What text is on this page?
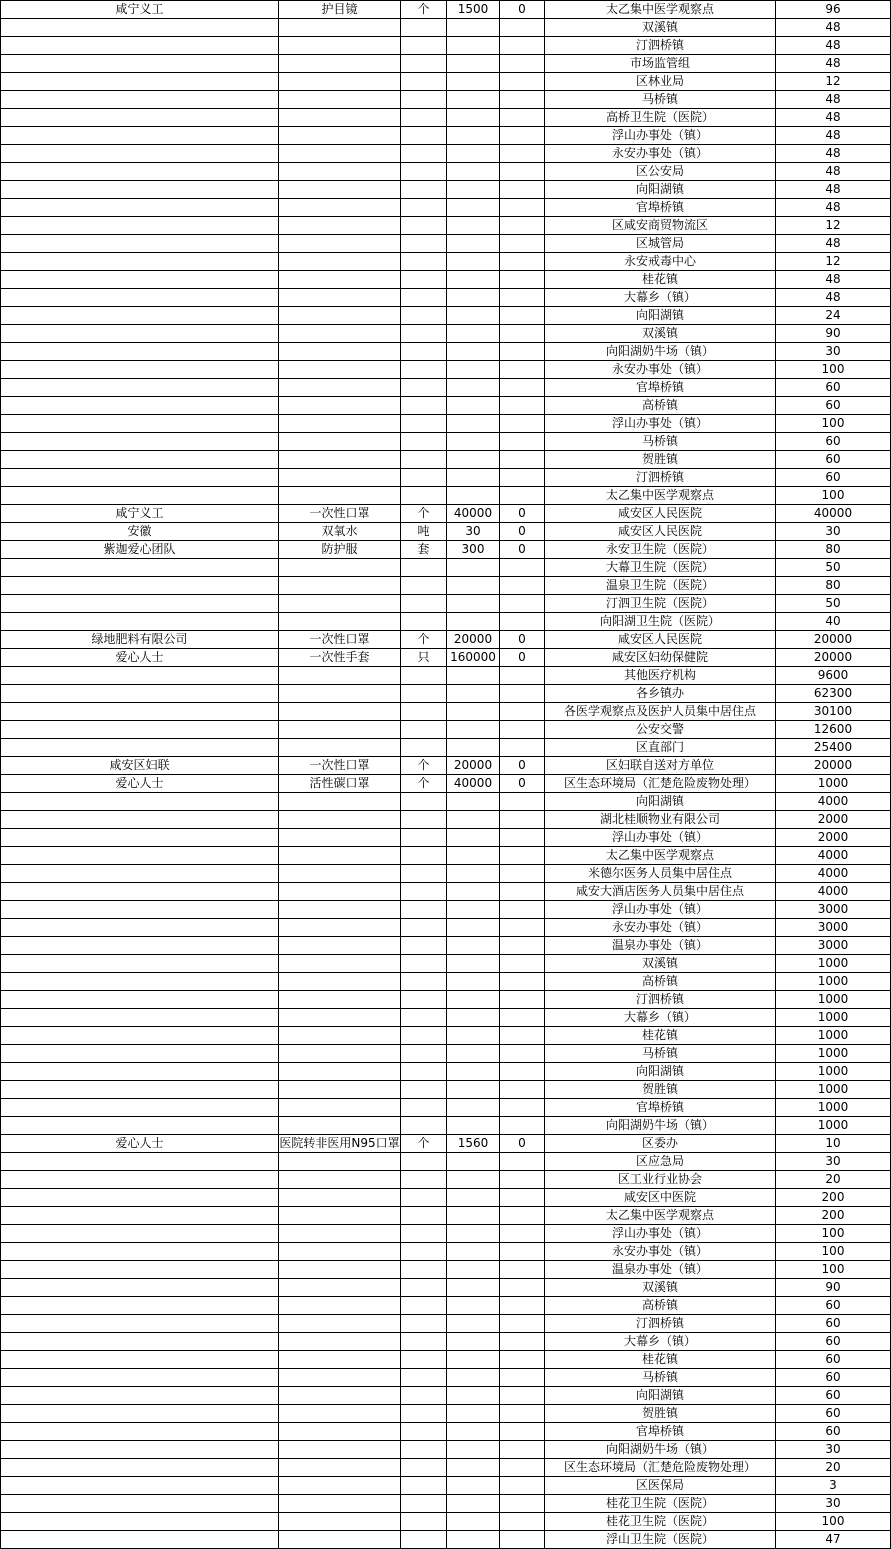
咸宁义工	护目镜	个	1500	0	太乙集中医学观察点	96
					双溪镇	48
					汀泗桥镇	48
					市场监管组	48
					区林业局	12
					马桥镇	48
					高桥卫生院（医院）	48
					浮山办事处（镇）	48
					永安办事处（镇）	48
					区公安局	48
					向阳湖镇	48
					官埠桥镇	48
					区咸安商贸物流区	12
					区城管局	48
					永安戒毒中心	12
					桂花镇	48
					大幕乡（镇）	48
					向阳湖镇	24
					双溪镇	90
					向阳湖奶牛场（镇）	30
					永安办事处（镇）	100
					官埠桥镇	60
					高桥镇	60
					浮山办事处（镇）	100
					马桥镇	60
					贺胜镇	60
					汀泗桥镇	60
					太乙集中医学观察点	100
咸宁义工	一次性口罩	个	40000	0	咸安区人民医院	40000
安徽	双氧水	吨	30	0	咸安区人民医院	30
紫迦爱心团队	防护服	套	300	0	永安卫生院（医院）	80
					大幕卫生院（医院）	50
					温泉卫生院（医院）	80
					汀泗卫生院（医院）	50
					向阳湖卫生院（医院）	40
绿地肥料有限公司	一次性口罩	个	20000	0	咸安区人民医院	20000
爱心人士	一次性手套	只	160000	0	咸安区妇幼保健院	20000
					其他医疗机构	9600
					各乡镇办	62300
					各医学观察点及医护人员集中居住点	30100
					公安交警	12600
					区直部门	25400
咸安区妇联	一次性口罩	个	20000	0	区妇联自送对方单位	20000
爱心人士	活性碳口罩	个	40000	0	区生态环境局（汇楚危险废物处理）	1000
					向阳湖镇	4000
					湖北桂顺物业有限公司	2000
					浮山办事处（镇）	2000
					太乙集中医学观察点	4000
					米德尔医务人员集中居住点	4000
					咸安大酒店医务人员集中居住点	4000
					浮山办事处（镇）	3000
					永安办事处（镇）	3000
					温泉办事处（镇）	3000
					双溪镇	1000
					高桥镇	1000
					汀泗桥镇	1000
					大幕乡（镇）	1000
					桂花镇	1000
					马桥镇	1000
					向阳湖镇	1000
					贺胜镇	1000
					官埠桥镇	1000
					向阳湖奶牛场（镇）	1000
爱心人士	医院转非医用N95口罩	个	1560	0	区委办	10
					区应急局	30
					区工业行业协会	20
					咸安区中医院	200
					太乙集中医学观察点	200
					浮山办事处（镇）	100
					永安办事处（镇）	100
					温泉办事处（镇）	100
					双溪镇	90
					高桥镇	60
					汀泗桥镇	60
					大幕乡（镇）	60
					桂花镇	60
					马桥镇	60
					向阳湖镇	60
					贺胜镇	60
					官埠桥镇	60
					向阳湖奶牛场（镇）	30
					区生态环境局（汇楚危险废物处理）	20
					区医保局	3
					桂花卫生院（医院）	30
					桂花卫生院（医院）	100
					浮山卫生院（医院）	47
